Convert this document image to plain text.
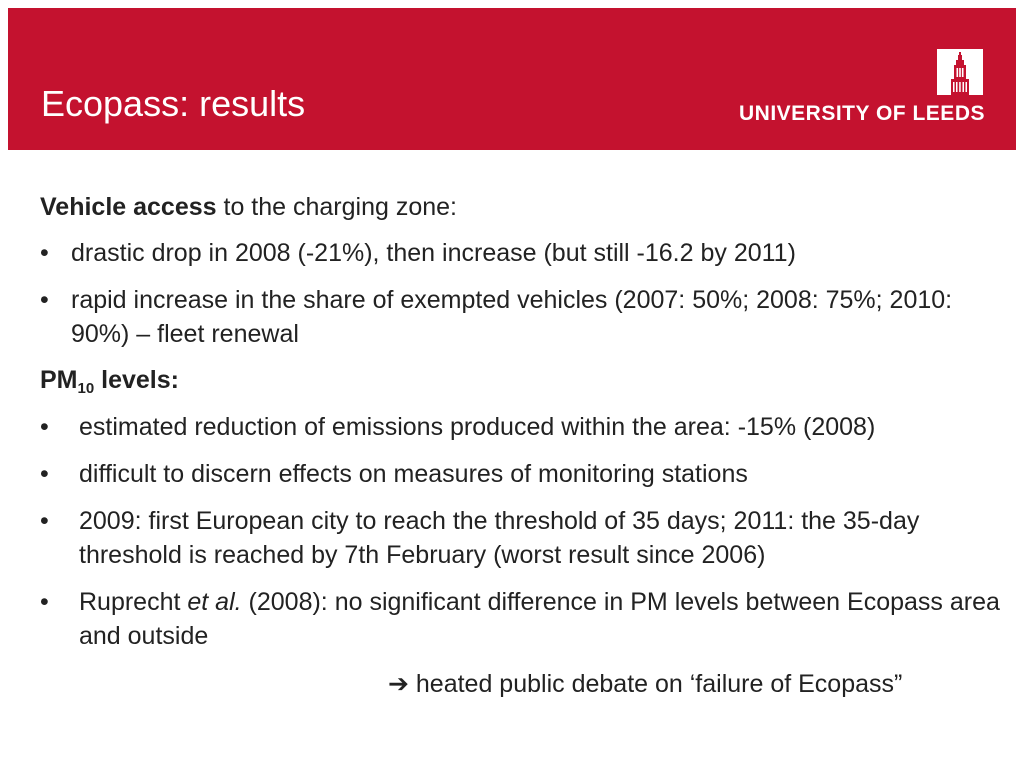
Ecopass: results	UNIVERSITY OF LEEDS

Vehicle access to the charging zone:

• drastic drop in 2008 (-21%), then increase (but still -16.2 by 2011)
• rapid increase in the share of exempted vehicles (2007: 50%; 2008: 75%; 2010: 90%) – fleet renewal

$PM_{10}$ levels:

• estimated reduction of emissions produced within the area: -15% (2008)
• difficult to discern effects on measures of monitoring stations
• 2009: first European city to reach the threshold of 35 days; 2011: the 35-day threshold is reached by 7th February (worst result since 2006)
• Ruprecht et al. (2008): no significant difference in PM levels between Ecopass area and outside
➔ heated public debate on ‘failure of Ecopass”
